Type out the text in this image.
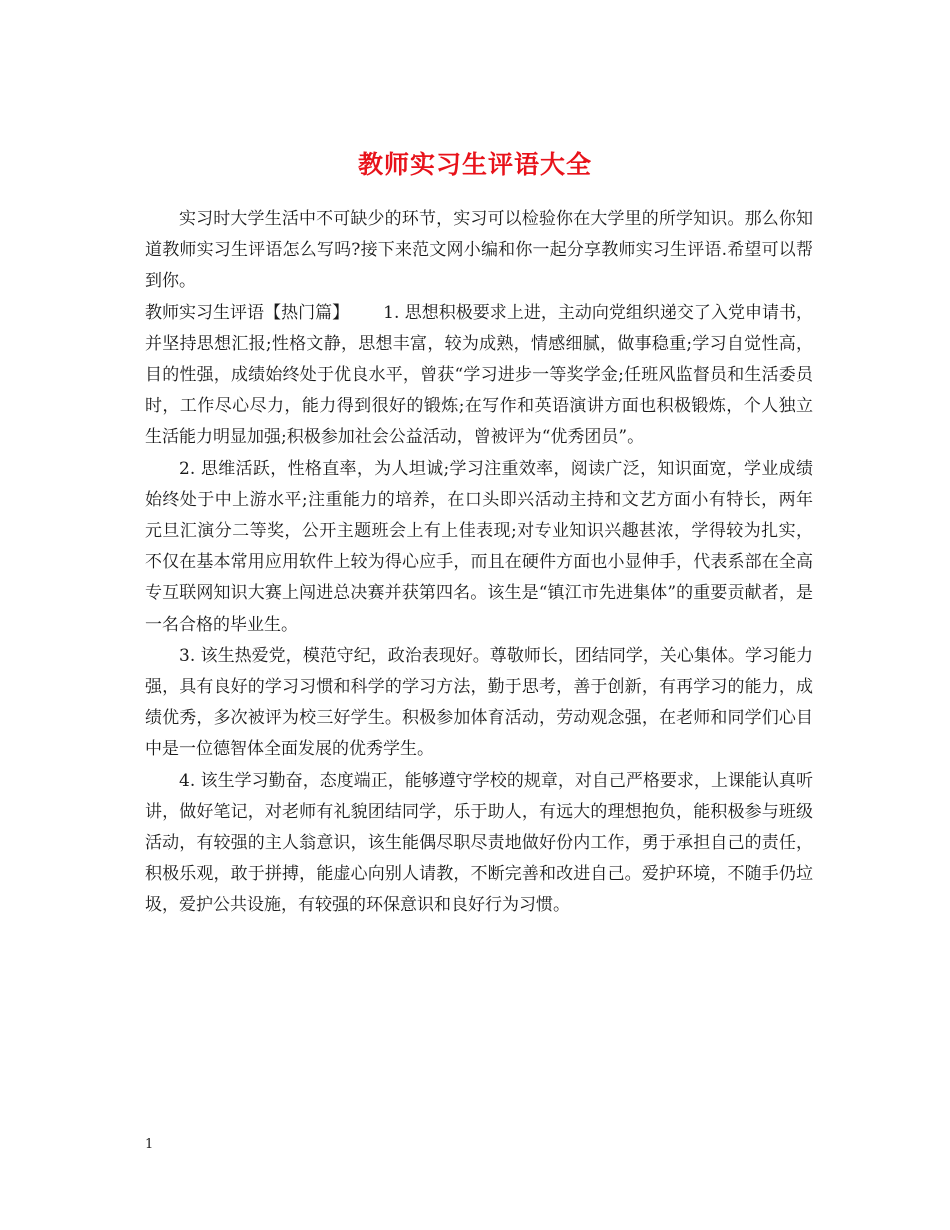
教师实习生评语大全

实习时大学生活中不可缺少的环节，实习可以检验你在大学里的所学知识。那么你知道教师实习生评语怎么写吗?接下来范文网小编和你一起分享教师实习生评语.希望可以帮到你。

教师实习生评语【热门篇】 1. 思想积极要求上进，主动向党组织递交了入党申请书，并坚持思想汇报;性格文静，思想丰富，较为成熟，情感细腻，做事稳重;学习自觉性高，目的性强，成绩始终处于优良水平，曾获“学习进步一等奖学金;任班风监督员和生活委员时，工作尽心尽力，能力得到很好的锻炼;在写作和英语演讲方面也积极锻炼，个人独立生活能力明显加强;积极参加社会公益活动，曾被评为“优秀团员”。

2. 思维活跃，性格直率，为人坦诚;学习注重效率，阅读广泛，知识面宽，学业成绩始终处于中上游水平;注重能力的培养，在口头即兴活动主持和文艺方面小有特长，两年元旦汇演分二等奖，公开主题班会上有上佳表现;对专业知识兴趣甚浓，学得较为扎实，不仅在基本常用应用软件上较为得心应手，而且在硬件方面也小显伸手，代表系部在全高专互联网知识大赛上闯进总决赛并获第四名。该生是“镇江市先进集体”的重要贡献者，是一名合格的毕业生。

3. 该生热爱党，模范守纪，政治表现好。尊敬师长，团结同学，关心集体。学习能力强，具有良好的学习习惯和科学的学习方法，勤于思考，善于创新，有再学习的能力，成绩优秀，多次被评为校三好学生。积极参加体育活动，劳动观念强，在老师和同学们心目中是一位德智体全面发展的优秀学生。

4. 该生学习勤奋，态度端正，能够遵守学校的规章，对自己严格要求，上课能认真听讲，做好笔记，对老师有礼貌团结同学，乐于助人，有远大的理想抱负，能积极参与班级活动，有较强的主人翁意识，该生能偶尽职尽责地做好份内工作，勇于承担自己的责任，积极乐观，敢于拼搏，能虚心向别人请教，不断完善和改进自己。爱护环境，不随手仍垃圾，爱护公共设施，有较强的环保意识和良好行为习惯。

1
